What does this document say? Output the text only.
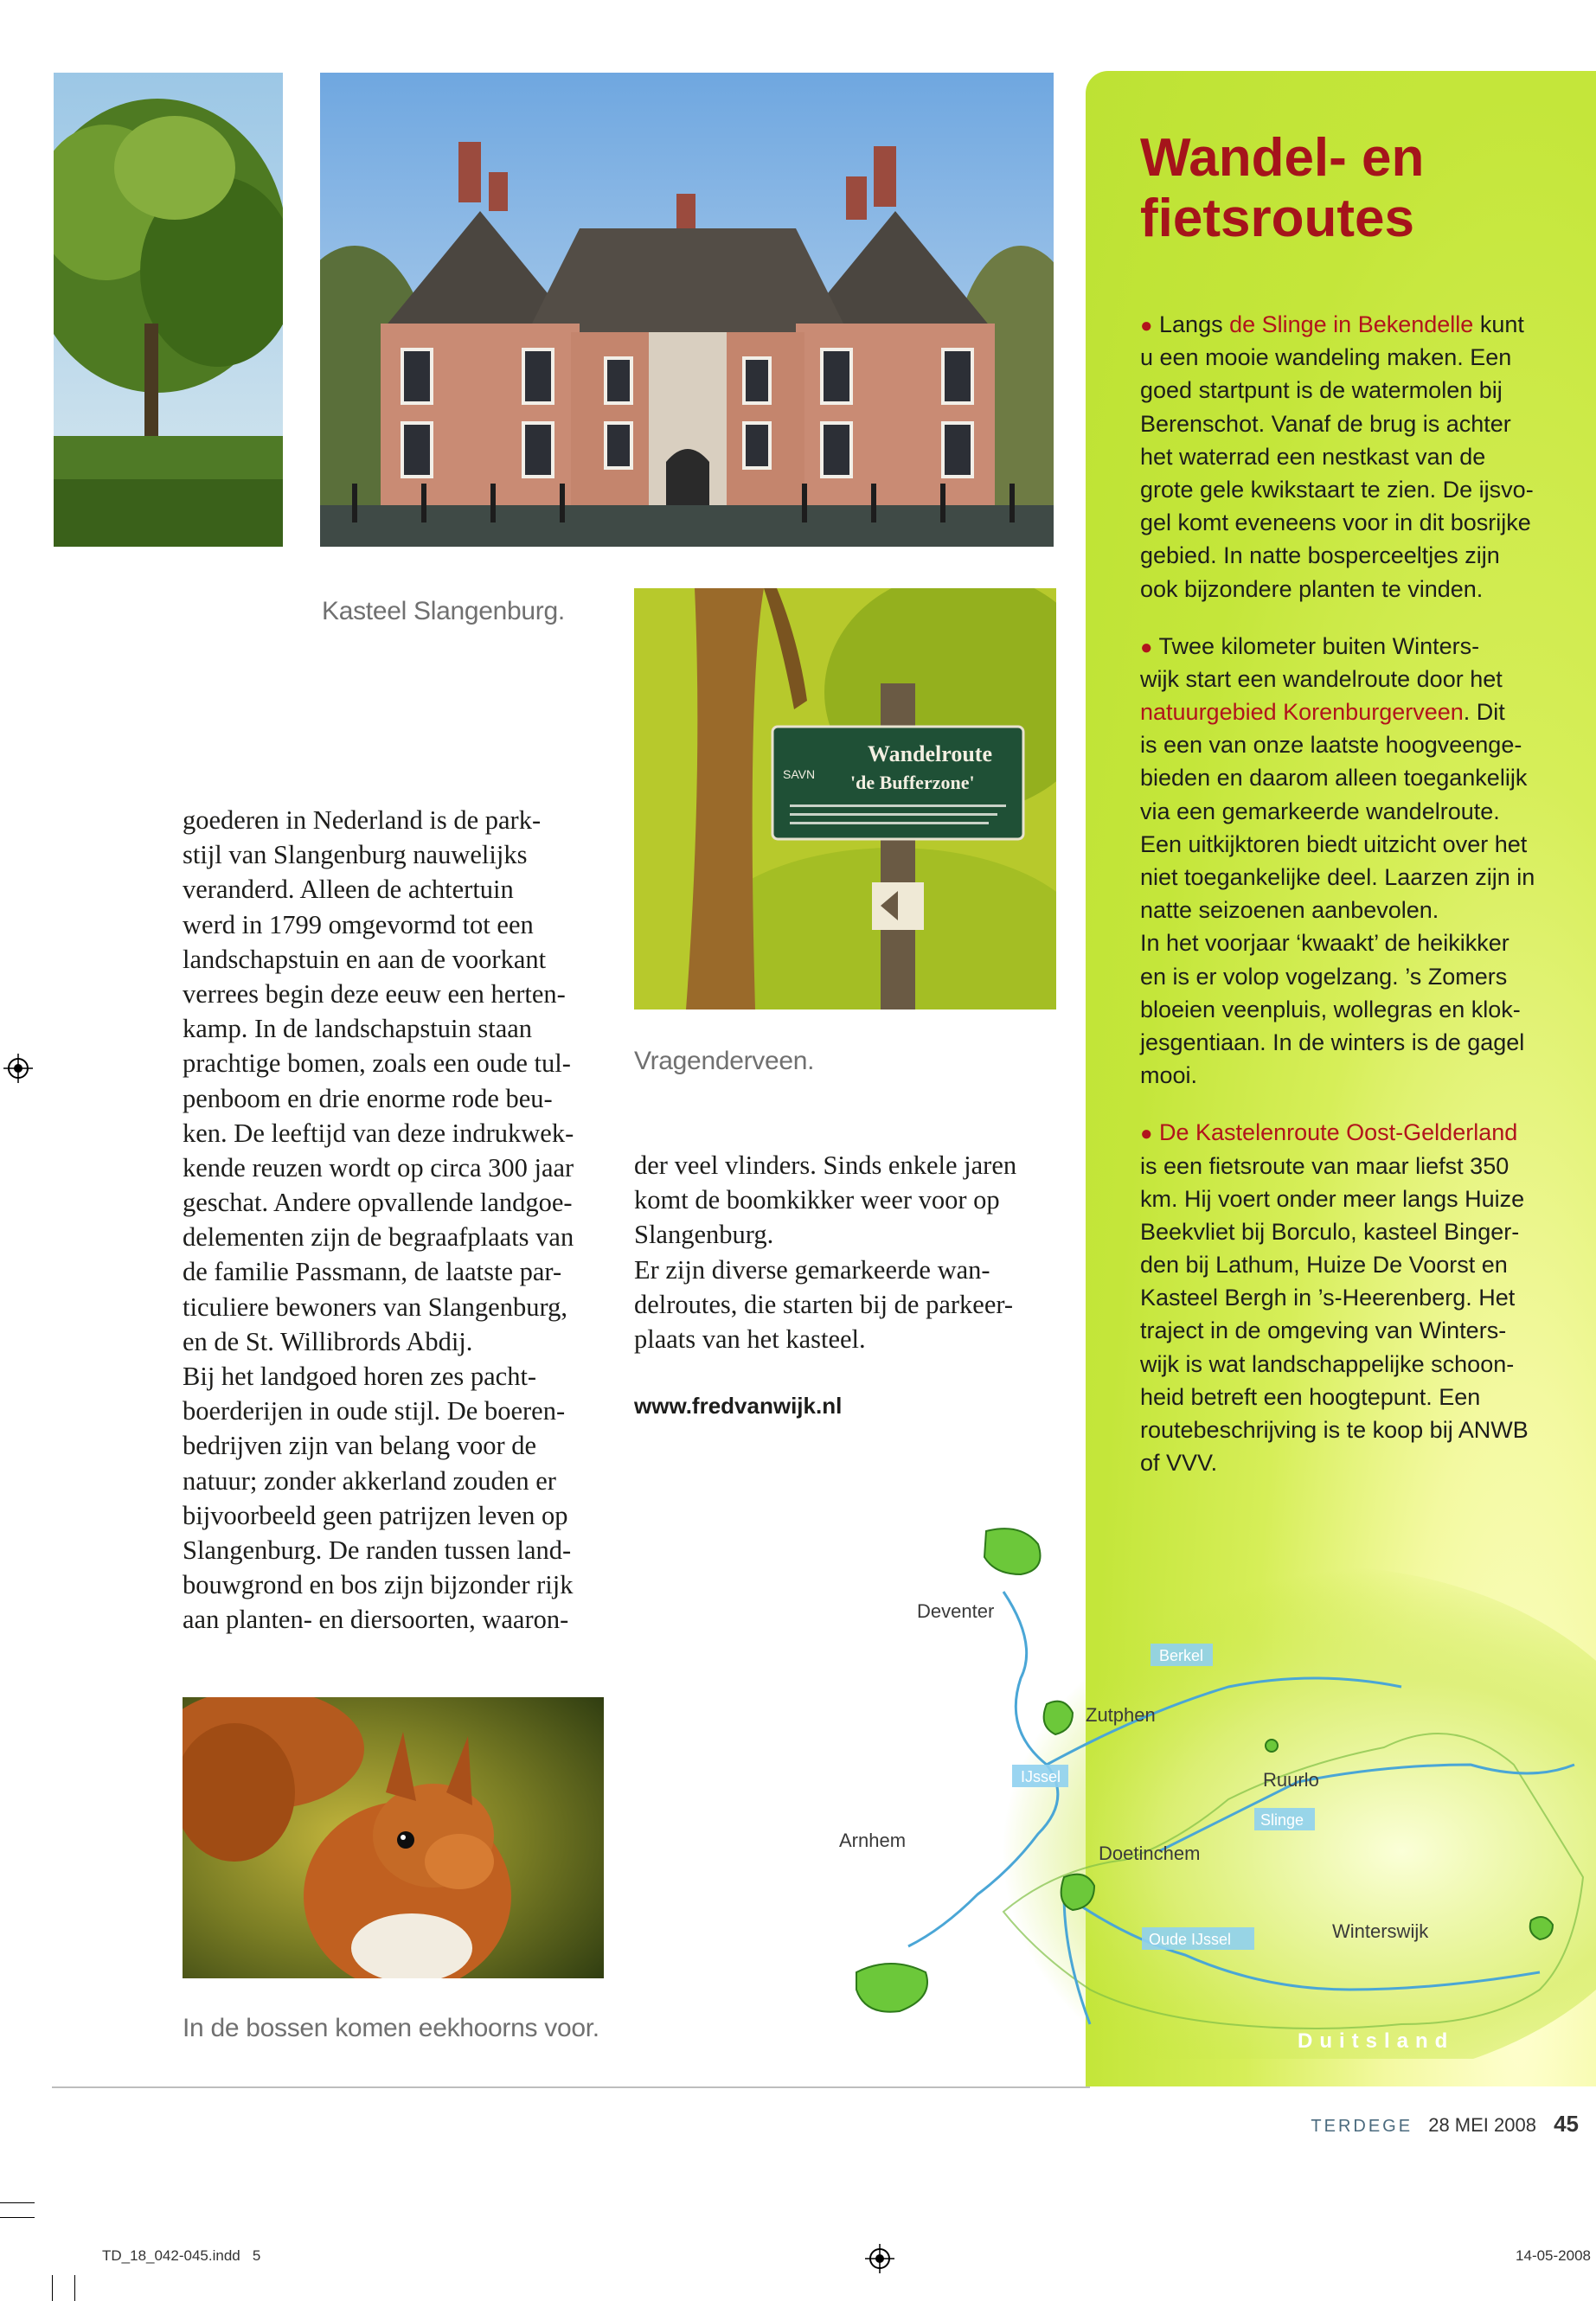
Kasteel Slangenburg.
Wandelroute
'de Bufferzone'
SAVN
Vragenderveen.
goederen in Nederland is de park-
stijl van Slangenburg nauwelijks
veranderd. Alleen de achtertuin
werd in 1799 omgevormd tot een
landschapstuin en aan de voorkant
verrees begin deze eeuw een herten-
kamp. In de landschapstuin staan
prachtige bomen, zoals een oude tul-
penboom en drie enorme rode beu-
ken. De leeftijd van deze indrukwek-
kende reuzen wordt op circa 300 jaar
geschat. Andere opvallende landgoe-
delementen zijn de begraafplaats van
de familie Passmann, de laatste par-
ticuliere bewoners van Slangenburg,
en de St. Willibrords Abdij.
Bij het landgoed horen zes pacht-
boerderijen in oude stijl. De boeren-
bedrijven zijn van belang voor de
natuur; zonder akkerland zouden er
bijvoorbeeld geen patrijzen leven op
Slangenburg. De randen tussen land-
bouwgrond en bos zijn bijzonder rijk
aan planten- en diersoorten, waaron-
der veel vlinders. Sinds enkele jaren
komt de boomkikker weer voor op
Slangenburg.
Er zijn diverse gemarkeerde wan-
delroutes, die starten bij de parkeer-
plaats van het kasteel.
www.fredvanwijk.nl
In de bossen komen eekhoorns voor.
Wandel- en
fietsroutes
● Langs de Slinge in Bekendelle kunt
u een mooie wandeling maken. Een
goed startpunt is de watermolen bij
Berenschot. Vanaf de brug is achter
het waterrad een nestkast van de
grote gele kwikstaart te zien. De ijsvo-
gel komt eveneens voor in dit bosrijke
gebied. In natte bosperceeltjes zijn
ook bijzondere planten te vinden.
● Twee kilometer buiten Winters-
wijk start een wandelroute door het
natuurgebied Korenburgerveen. Dit
is een van onze laatste hoogveenge-
bieden en daarom alleen toegankelijk
via een gemarkeerde wandelroute.
Een uitkijktoren biedt uitzicht over het
niet toegankelijke deel. Laarzen zijn in
natte seizoenen aanbevolen.
In het voorjaar ‘kwaakt’ de heikikker
en is er volop vogelzang. ’s Zomers
bloeien veenpluis, wollegras en klok-
jesgentiaan. In de winters is de gagel
mooi.
● De Kastelenroute Oost-Gelderland
is een fietsroute van maar liefst 350
km. Hij voert onder meer langs Huize
Beekvliet bij Borculo, kasteel Binger-
den bij Lathum, Huize De Voorst en
Kasteel Bergh in ’s-Heerenberg. Het
traject in de omgeving van Winters-
wijk is wat landschappelijke schoon-
heid betreft een hoogtepunt. Een
routebeschrijving is te koop bij ANWB
of VVV.
Deventer
Zutphen
Ruurlo
Arnhem
Doetinchem
Winterswijk
Berkel
IJssel
Slinge
Oude IJssel
Duitsland
TERDEGE 28 MEI 2008 45
TD_18_042-045.indd   5	14-05-2008
